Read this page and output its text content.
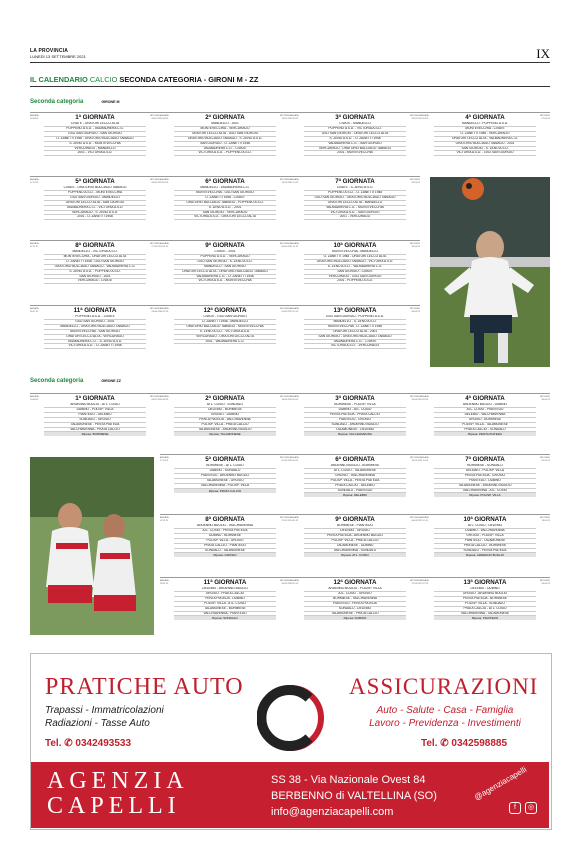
LA PROVINCIA
LUNEDÌ 13 SETTEMBRE 2021	IX
IL CALENDARIO CALCIO SECONDA CATEGORIA - GIRONI M - ZZ
Seconda categoria	GIRONE M
Seconda categoria	GIRONE ZZ
ANDATA
19.09.21
RITORNO
06.02.22
1ª GIORNATA
CIVATE - ORATORI LECCO ALTA
POPPENO A.S.D. - VALMADRERA C.G.
GSO SAN GIORGIO - SAN GIORGIO
O. ZANETTI 1948 - ORATORIO BULCIAGO TABIAGO
S. ZENO A.S.D. - MONTEVECCHIA
VERCURAGO - MANDELLO
2001 - VICTORIA A.S.D.
ANDATA
26.09.21
RITORNO
13.02.22
2ª GIORNATA
MANDELLO - 2001
MONTEVECCHIA - VERCURAGO
ORATORI LECCO ALTA - GSO SAN GIORGIO
ORATORIO BULCIAGO TABIAGO - S. ZENO A.S.D.
SAN GIORGIO - O. ZANETTI 1948
VALMADRERA C.G. - CIVATE
VICTORIA A.S.D. - POPPENO A.S.D.
ANDATA
03.10.21
RITORNO
20.02.22
3ª GIORNATA
CIVATE - MANDELLO
POPPENO A.S.D. - VICTORIA A.S.D.
GSO SAN GIORGIO - ORATORI LECCO ALTA
S. ZENO A.S.D. - O. ZANETTI 1948
VALMADRERA C.G. - SAN GIORGIO
VERCURAGO - ORATORIO BULCIAGO TABIAGO
2001 - MONTEVECCHIA
ANDATA
10.10.21
RITORNO
27.02.22
4ª GIORNATA
MANDELLO - POPPENO A.S.D.
MONTEVECCHIA - CIVATE
O. ZANETTI 1948 - VERCURAGO
ORATORI LECCO ALTA - VALMADRERA C.G.
ORATORIO BULCIAGO TABIAGO - 2001
SAN GIORGIO - S. ZENO A.S.D.
VICTORIA A.S.D. - GSO SAN GIORGIO
ANDATA
17.10.21
RITORNO
06.03.22
5ª GIORNATA
CIVATE - ORATORIO BULCIAGO TABIAGO
POPPENO A.S.D. - MONTEVECCHIA
GSO SAN GIORGIO - MANDELLO
ORATORI LECCO ALTA - SAN GIORGIO
VALMADRERA C.G. - VICTORIA A.S.D.
VERCURAGO - S. ZENO A.S.D.
2001 - O. ZANETTI 1948
ANDATA
24.10.21
RITORNO
13.03.22
6ª GIORNATA
MANDELLO - VALMADRERA C.G.
MONTEVECCHIA - GSO SAN GIORGIO
O. ZANETTI 1948 - CIVATE
ORATORIO BULCIAGO TABIAGO - POPPENO A.S.D.
S. ZENO A.S.D. - 2001
SAN GIORGIO - VERCURAGO
VICTORIA A.S.D. - ORATORI LECCO ALTA
ANDATA
31.10.21
RITORNO
20.03.22
7ª GIORNATA
CIVATE - S. ZENO A.S.D.
POPPENO A.S.D. - O. ZANETTI 1948
GSO SAN GIORGIO - ORATORIO BULCIAGO TABIAGO
ORATORI LECCO ALTA - MANDELLO
VALMADRERA C.G. - MONTEVECCHIA
VICTORIA A.S.D. - SAN GIORGIO
2001 - VERCURAGO
ANDATA
07.11.21
RITORNO
27.03.22
8ª GIORNATA
MANDELLO - VICTORIA A.S.D.
MONTEVECCHIA - ORATORI LECCO ALTA
O. ZANETTI 1948 - GSO SAN GIORGIO
ORATORIO BULCIAGO TABIAGO - VALMADRERA C.G.
S. ZENO A.S.D. - POPPENO A.S.D.
SAN GIORGIO - 2001
VERCURAGO - CIVATE
ANDATA
14.11.21
RITORNO
03.04.22
9ª GIORNATA
CIVATE - 2001
POPPENO A.S.D. - VERCURAGO
GSO SAN GIORGIO - S. ZENO A.S.D.
MANDELLO - SAN GIORGIO
ORATORI LECCO ALTA - ORATORIO BULCIAGO TABIAGO
VALMADRERA C.G. - O. ZANETTI 1948
VICTORIA A.S.D. - MONTEVECCHIA
ANDATA
21.11.21
RITORNO
10.04.22
10ª GIORNATA
MONTEVECCHIA - MANDELLO
O. ZANETTI 1948 - ORATORI LECCO ALTA
ORATORIO BULCIAGO TABIAGO - VICTORIA A.S.D.
S. ZENO A.S.D. - VALMADRERA C.G.
SAN GIORGIO - CIVATE
VERCURAGO - GSO SAN GIORGIO
2001 - POPPENO A.S.D.
ANDATA
28.11.21
RITORNO
24.04.22
11ª GIORNATA
POPPENO A.S.D. - CIVATE
GSO SAN GIORGIO - 2001
MANDELLO - ORATORIO BULCIAGO TABIAGO
MONTEVECCHIA - SAN GIORGIO
ORATORI LECCO ALTA - VERCURAGO
VALMADRERA C.G. - S. ZENO A.S.D.
VICTORIA A.S.D. - O. ZANETTI 1948
ANDATA
05.12.21
RITORNO
01.05.22
12ª GIORNATA
CIVATE - GSO SAN GIORGIO
O. ZANETTI 1948 - MANDELLO
ORATORIO BULCIAGO TABIAGO - MONTEVECCHIA
S. ZENO A.S.D. - VICTORIA A.S.D.
VERCURAGO - ORATORI LECCO ALTA
2001 - VALMADRERA C.G.
ANDATA
12.12.21
RITORNO
08.05.22
13ª GIORNATA
GSO SAN GIORGIO - POPPENO A.S.D.
MANDELLO - S. ZENO A.S.D.
MONTEVECCHIA - O. ZANETTI 1948
ORATORI LECCO ALTA - 2001
SAN GIORGIO - ORATORIO BULCIAGO TABIAGO
VALMADRERA C.G. - CIVATE
VICTORIA A.S.D. - VERCURAGO
ANDATA
19.09.21
RITORNO
06.02.22
1ª GIORNATA
ARDENNO BUGLIO - ATL. COSIO
DUBINO - POLISP. VILLA
PIANTEDO - DELEBIO
SONDALO - GROSIO
TALAMONESE - PENTA PIATEDA
VALCHIAVENNA - PRATA CALCIO
Riposa: BORMIESE
ANDATA
26.09.21
RITORNO
16.04.22
2ª GIORNATA
ATL. COSIO - SONDALO
DELEBIO - BORMIESE
GROSIO - DUBINO
PENTA PIATEDA - VALCHIAVENNA
POLISP. VILLA - PRATA CALCIO
TALAMONESE - ARDENNO BUGLIO
Riposa: TALAMONESE
ANDATA
03.10.21
RITORNO
23.04.22
3ª GIORNATA
BORMIESE - POLISP. VILLA
DUBINO - ATL. COSIO
PENTA PIATEDA - PRATA CALCIO
PIANTEDO - GROSIO
SONDALO - ARDENNO BUGLIO
TALAMONESE - DELEBIO
Riposa: VALCHIAVENNA
ANDATA
10.10.21
RITORNO
30.04.22
4ª GIORNATA
ARDENNO BUGLIO - DUBINO
ATL. COSIO - PIANTEDO
DELEBIO - VALCHIAVENNA
GROSIO - BORMIESE
POLISP. VILLA - TALAMONESE
PRATA CALCIO - SONDALO
Riposa: PENTA PIATEDA
ANDATA
17.10.21
RITORNO
07.05.22
5ª GIORNATA
BORMIESE - ATL. COSIO
DUBINO - SONDALO
PIANTEDO - ARDENNO BUGLIO
TALAMONESE - GROSIO
VALCHIAVENNA - POLISP. VILLA
Riposa: PRATA CALCIO
ANDATA
24.10.21
RITORNO
15.02.22
6ª GIORNATA
ARDENNO BUGLIO - BORMIESE
ATL. COSIO - TALAMONESE
GROSIO - VALCHIAVENNA
POLISP. VILLA - PENTA PIATEDA
PRATA CALCIO - DELEBIO
SONDALO - PIANTEDO
Riposa: DELEBIO
ANDATA
31.10.21
RITORNO
20.02.22
7ª GIORNATA
BORMIESE - SONDALO
DELEBIO - POLISP. VILLA
PENTA PIATEDA - GROSIO
PIANTEDO - DUBINO
TALAMONESE - ARDENNO BUGLIO
VALCHIAVENNA - ATL. COSIO
Riposa: POLISP. VILLA
ANDATA
07.11.21
RITORNO
27.02.22
8ª GIORNATA
ARDENNO BUGLIO - VALCHIAVENNA
ATL. COSIO - PENTA PIATEDA
DUBINO - BORMIESE
POLISP. VILLA - GROSIO
PRATA CALCIO - PIANTEDO
SONDALO - TALAMONESE
Riposa: GROSIO
ANDATA
14.11.21
RITORNO
06.03.22
9ª GIORNATA
BORMIESE - PIANTEDO
DELEBIO - GROSIO
PENTA PIATEDA - ARDENNO BUGLIO
POLISP. VILLA - PRATA CALCIO
TALAMONESE - DUBINO
VALCHIAVENNA - SONDALO
Riposa: ATL. COSIO
ANDATA
21.11.21
RITORNO
13.03.22
10ª GIORNATA
ATL. COSIO - DELEBIO
DUBINO - VALCHIAVENNA
GROSIO - POLISP. VILLA
PIANTEDO - TALAMONESE
PRATA CALCIO - BORMIESE
SONDALO - PENTA PIATEDA
Riposa: ARDENNO BUGLIO
ANDATA
28.11.21
RITORNO
20.03.22
11ª GIORNATA
DELEBIO - ARDENNO BUGLIO
GROSIO - PRATA CALCIO
PENTA PIATEDA - DUBINO
POLISP. VILLA - ATL. COSIO
TALAMONESE - BORMIESE
VALCHIAVENNA - PIANTEDO
Riposa: SONDALO
ANDATA
05.12.21
RITORNO
27.03.22
12ª GIORNATA
ARDENNO BUGLIO - POLISP. VILLA
ATL. COSIO - GROSIO
BORMIESE - VALCHIAVENNA
PIANTEDO - PENTA PIATEDA
SONDALO - DELEBIO
TALAMONESE - PRATA CALCIO
Riposa: DUBINO
ANDATA
12.12.21
RITORNO
03.04.22
13ª GIORNATA
DELEBIO - DUBINO
GROSIO - ARDENNO BUGLIO
PENTA PIATEDA - BORMIESE
POLISP. VILLA - SONDALO
PRATA CALCIO - ATL. COSIO
VALCHIAVENNA - TALAMONESE
Riposa: PIANTEDO
PRATICHE AUTO
Trapassi - Immatricolazioni
Radiazioni - Tasse Auto
Tel. ✆ 0342493533
ASSICURAZIONI
Auto - Salute - Casa - Famiglia
Lavoro - Previdenza - Investimenti
Tel. ✆ 0342598885
AGENZIA
CAPELLI
SS 38 - Via Nazionale Ovest 84
BERBENNO di VALTELLINA (SO)
info@agenziacapelli.com
@agenziacapelli
f	◎
